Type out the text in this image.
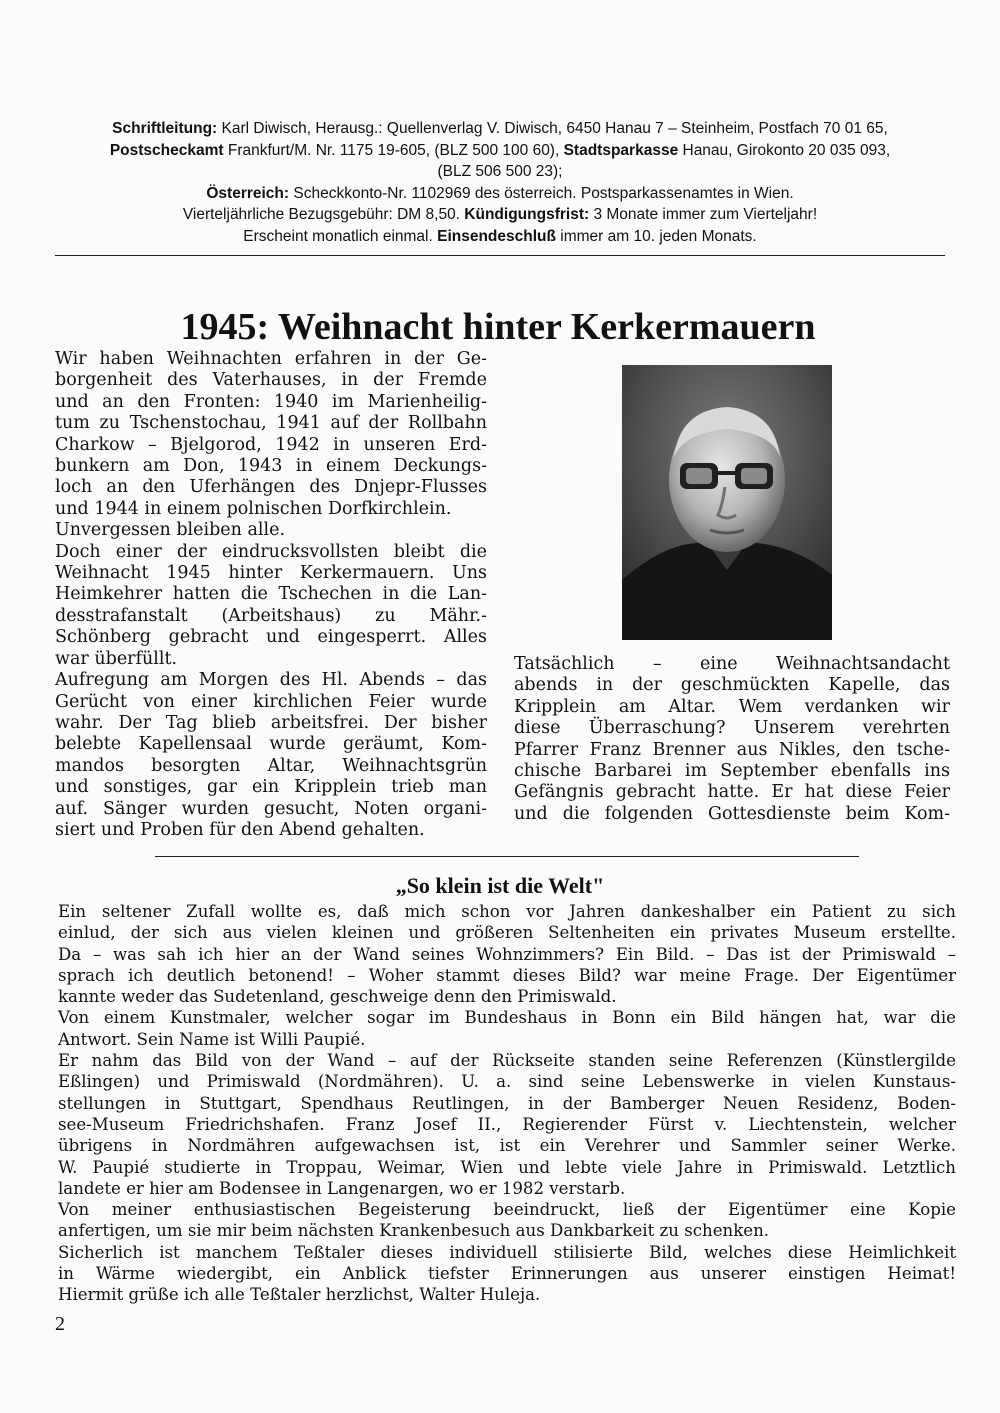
Schriftleitung: Karl Diwisch, Herausg.: Quellenverlag V. Diwisch, 6450 Hanau 7 – Steinheim, Postfach 70 01 65,
Postscheckamt Frankfurt/M. Nr. 1175 19-605, (BLZ 500 100 60), Stadtsparkasse Hanau, Girokonto 20 035 093,
(BLZ 506 500 23);
Österreich: Scheckkonto-Nr. 1102969 des österreich. Postsparkassenamtes in Wien.
Vierteljährliche Bezugsgebühr: DM 8,50. Kündigungsfrist: 3 Monate immer zum Vierteljahr!
Erscheint monatlich einmal. Einsendeschluß immer am 10. jeden Monats.
1945: Weihnacht hinter Kerkermauern
Wir haben Weihnachten erfahren in der Ge-
borgenheit des Vaterhauses, in der Fremde
und an den Fronten: 1940 im Marienheilig-
tum zu Tschenstochau, 1941 auf der Rollbahn
Charkow – Bjelgorod, 1942 in unseren Erd-
bunkern am Don, 1943 in einem Deckungs-
loch an den Uferhängen des Dnjepr-Flusses
und 1944 in einem polnischen Dorfkirchlein.
Unvergessen bleiben alle.
Doch einer der eindrucksvollsten bleibt die
Weihnacht 1945 hinter Kerkermauern. Uns
Heimkehrer hatten die Tschechen in die Lan-
desstrafanstalt (Arbeitshaus) zu Mähr.-
Schönberg gebracht und eingesperrt. Alles
war überfüllt.
Aufregung am Morgen des Hl. Abends – das
Gerücht von einer kirchlichen Feier wurde
wahr. Der Tag blieb arbeitsfrei. Der bisher
belebte Kapellensaal wurde geräumt, Kom-
mandos besorgten Altar, Weihnachtsgrün
und sonstiges, gar ein Kripplein trieb man
auf. Sänger wurden gesucht, Noten organi-
siert und Proben für den Abend gehalten.
Tatsächlich – eine Weihnachtsandacht
abends in der geschmückten Kapelle, das
Kripplein am Altar. Wem verdanken wir
diese Überraschung? Unserem verehrten
Pfarrer Franz Brenner aus Nikles, den tsche-
chische Barbarei im September ebenfalls ins
Gefängnis gebracht hatte. Er hat diese Feier
und die folgenden Gottesdienste beim Kom-
„So klein ist die Welt"
Ein seltener Zufall wollte es, daß mich schon vor Jahren dankeshalber ein Patient zu sich
einlud, der sich aus vielen kleinen und größeren Seltenheiten ein privates Museum erstellte.
Da – was sah ich hier an der Wand seines Wohnzimmers? Ein Bild. – Das ist der Primiswald –
sprach ich deutlich betonend! – Woher stammt dieses Bild? war meine Frage. Der Eigentümer
kannte weder das Sudetenland, geschweige denn den Primiswald.
Von einem Kunstmaler, welcher sogar im Bundeshaus in Bonn ein Bild hängen hat, war die
Antwort. Sein Name ist Willi Paupié.
Er nahm das Bild von der Wand – auf der Rückseite standen seine Referenzen (Künstlergilde
Eßlingen) und Primiswald (Nordmähren). U. a. sind seine Lebenswerke in vielen Kunstaus-
stellungen in Stuttgart, Spendhaus Reutlingen, in der Bamberger Neuen Residenz, Boden-
see-Museum Friedrichshafen. Franz Josef II., Regierender Fürst v. Liechtenstein, welcher
übrigens in Nordmähren aufgewachsen ist, ist ein Verehrer und Sammler seiner Werke.
W. Paupié studierte in Troppau, Weimar, Wien und lebte viele Jahre in Primiswald. Letztlich
landete er hier am Bodensee in Langenargen, wo er 1982 verstarb.
Von meiner enthusiastischen Begeisterung beeindruckt, ließ der Eigentümer eine Kopie
anfertigen, um sie mir beim nächsten Krankenbesuch aus Dankbarkeit zu schenken.
Sicherlich ist manchem Teßtaler dieses individuell stilisierte Bild, welches diese Heimlichkeit
in Wärme wiedergibt, ein Anblick tiefster Erinnerungen aus unserer einstigen Heimat!
Hiermit grüße ich alle Teßtaler herzlichst, Walter Huleja.
2
